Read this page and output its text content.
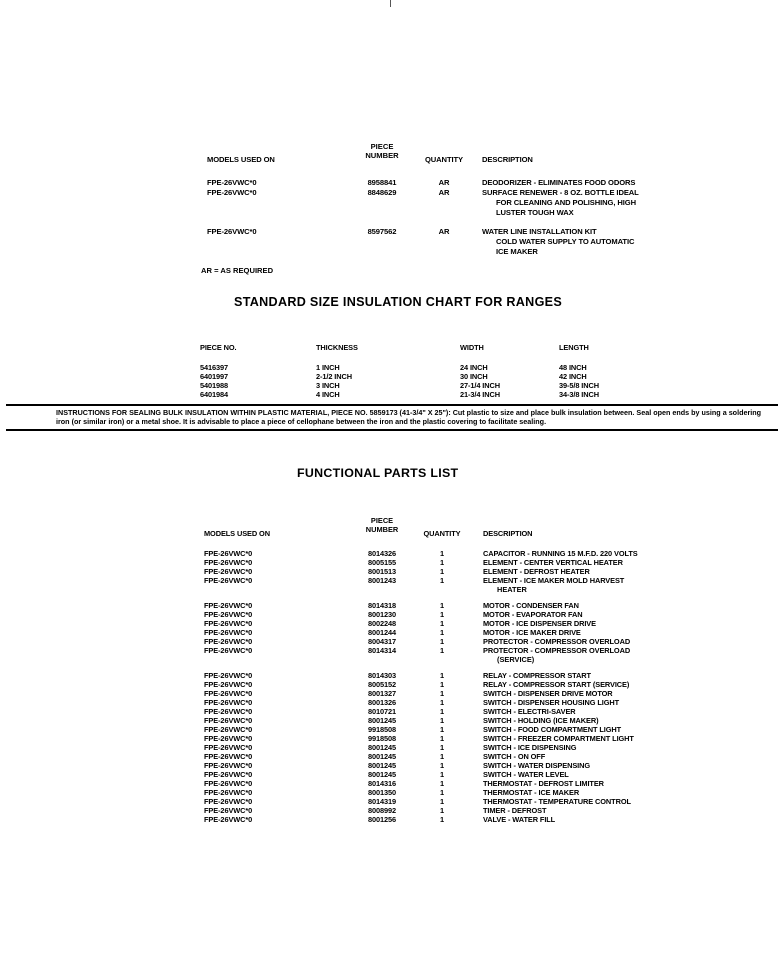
MODELS USED ON
PIECE
NUMBER	QUANTITY	DESCRIPTION
FPE-26VWC*0	8958841	AR	DEODORIZER - ELIMINATES FOOD ODORS
FPE-26VWC*0	8848629	AR	SURFACE RENEWER - 8 OZ. BOTTLE IDEAL
FOR CLEANING AND POLISHING, HIGH
LUSTER TOUGH WAX
FPE-26VWC*0	8597562	AR	WATER LINE INSTALLATION KIT
COLD WATER SUPPLY TO AUTOMATIC
ICE MAKER
AR = AS REQUIRED
STANDARD SIZE INSULATION CHART FOR RANGES
PIECE NO.	THICKNESS	WIDTH	LENGTH
5416397	1 INCH	24 INCH	48 INCH
6401997	2-1/2 INCH	30 INCH	42 INCH
5401988	3 INCH	27-1/4 INCH	39-5/8 INCH
6401984	4 INCH	21-3/4 INCH	34-3/8 INCH

INSTRUCTIONS FOR SEALING BULK INSULATION WITHIN PLASTIC MATERIAL, PIECE NO. 5859173 (41-3/4" X 25"): Cut plastic to size and place bulk insulation between. Seal open ends by using a soldering iron (or similar iron) or a metal shoe. It is advisable to place a piece of cellophane between the iron and the plastic covering to facilitate sealing.

FUNCTIONAL PARTS LIST
MODELS USED ON
PIECE
NUMBER	QUANTITY	DESCRIPTION
FPE-26VWC*0	8014326	1	CAPACITOR - RUNNING 15 M.F.D. 220 VOLTS
FPE-26VWC*0	8005155	1	ELEMENT - CENTER VERTICAL HEATER
FPE-26VWC*0	8001513	1	ELEMENT - DEFROST HEATER
FPE-26VWC*0	8001243	1	ELEMENT - ICE MAKER MOLD HARVEST
HEATER
FPE-26VWC*0	8014318	1	MOTOR - CONDENSER FAN
FPE-26VWC*0	8001230	1	MOTOR - EVAPORATOR FAN
FPE-26VWC*0	8002248	1	MOTOR - ICE DISPENSER DRIVE
FPE-26VWC*0	8001244	1	MOTOR - ICE MAKER DRIVE
FPE-26VWC*0	8004317	1	PROTECTOR - COMPRESSOR OVERLOAD
FPE-26VWC*0	8014314	1	PROTECTOR - COMPRESSOR OVERLOAD
(SERVICE)
FPE-26VWC*0	8014303	1	RELAY - COMPRESSOR START
FPE-26VWC*0	8005152	1	RELAY - COMPRESSOR START (SERVICE)
FPE-26VWC*0	8001327	1	SWITCH - DISPENSER DRIVE MOTOR
FPE-26VWC*0	8001326	1	SWITCH - DISPENSER HOUSING LIGHT
FPE-26VWC*0	8010721	1	SWITCH - ELECTRI-SAVER
FPE-26VWC*0	8001245	1	SWITCH - HOLDING (ICE MAKER)
FPE-26VWC*0	9918508	1	SWITCH - FOOD COMPARTMENT LIGHT
FPE-26VWC*0	9918508	1	SWITCH - FREEZER COMPARTMENT LIGHT
FPE-26VWC*0	8001245	1	SWITCH - ICE DISPENSING
FPE-26VWC*0	8001245	1	SWITCH - ON OFF
FPE-26VWC*0	8001245	1	SWITCH - WATER DISPENSING
FPE-26VWC*0	8001245	1	SWITCH - WATER LEVEL
FPE-26VWC*0	8014316	1	THERMOSTAT - DEFROST LIMITER
FPE-26VWC*0	8001350	1	THERMOSTAT - ICE MAKER
FPE-26VWC*0	8014319	1	THERMOSTAT - TEMPERATURE CONTROL
FPE-26VWC*0	8008992	1	TIMER - DEFROST
FPE-26VWC*0	8001256	1	VALVE - WATER FILL
